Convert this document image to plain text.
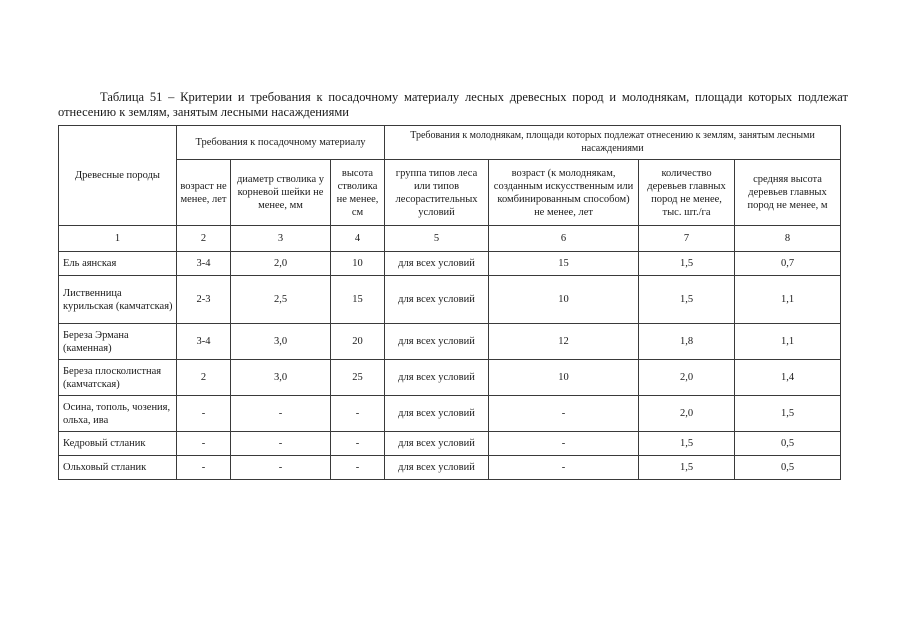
Таблица 51 – Критерии и требования к посадочному материалу лесных древесных пород и молоднякам, площади которых подлежат отнесению к землям, занятым лесными насаждениями
Древесные породы	Требования к посадочному материалу			Требования к молоднякам, площади которых подлежат отнесению к землям, занятым лесными насаждениями			
	возраст не менее, лет	диаметр стволика у корневой шейки не менее, мм	высота стволика не менее, см	группа типов леса или типов лесорастительных условий	возраст (к молоднякам, созданным искусственным или комбинированным способом) не менее, лет	количество деревьев главных пород не менее, тыс. шт./га	средняя высота деревьев главных пород не менее, м
1	2	3	4	5	6	7	8
Ель аянская	3-4	2,0	10	для всех условий	15	1,5	0,7
Лиственница курильская (камчатская)	2-3	2,5	15	для всех условий	10	1,5	1,1
Береза Эрмана (каменная)	3-4	3,0	20	для всех условий	12	1,8	1,1
Береза плосколистная (камчатская)	2	3,0	25	для всех условий	10	2,0	1,4
Осина, тополь, чозения, ольха, ива	-	-	-	для всех условий	-	2,0	1,5
Кедровый стланик	-	-	-	для всех условий	-	1,5	0,5
Ольховый стланик	-	-	-	для всех условий	-	1,5	0,5
